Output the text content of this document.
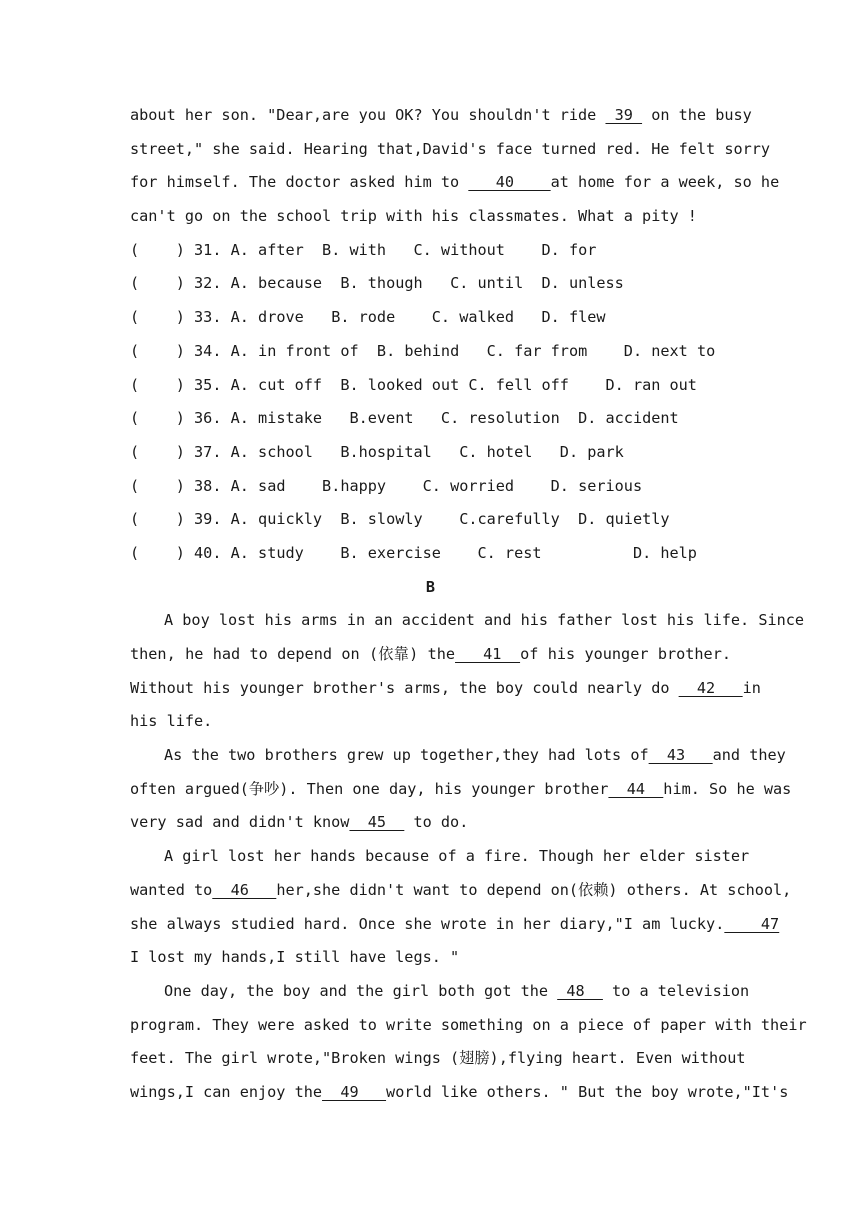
about her son. "Dear,are you OK? You shouldn't ride  39  on the busy
street," she said. Hearing that,David's face turned red. He felt sorry
for himself. The doctor asked him to    40    at home for a week, so he
can't go on the school trip with his classmates. What a pity !
(    ) 31. A. after  B. with   C. without    D. for
(    ) 32. A. because  B. though   C. until  D. unless
(    ) 33. A. drove   B. rode    C. walked   D. flew
(    ) 34. A. in front of  B. behind   C. far from    D. next to
(    ) 35. A. cut off  B. looked out C. fell off    D. ran out
(    ) 36. A. mistake   B.event   C. resolution  D. accident
(    ) 37. A. school   B.hospital   C. hotel   D. park
(    ) 38. A. sad    B.happy    C. worried    D. serious
(    ) 39. A. quickly  B. slowly    C.carefully  D. quietly
(    ) 40. A. study    B. exercise    C. rest          D. help
B
A boy lost his arms in an accident and his father lost his life. Since
then, he had to depend on (依靠) the   41  of his younger brother.
Without his younger brother's arms, the boy could nearly do   42   in
his life.
As the two brothers grew up together,they had lots of  43   and they
often argued(争吵). Then one day, his younger brother  44  him. So he was
very sad and didn't know  45   to do.
A girl lost her hands because of a fire. Though her elder sister
wanted to  46   her,she didn't want to depend on(依赖) others. At school,
she always studied hard. Once she wrote in her diary,"I am lucky.    47
I lost my hands,I still have legs. "
One day, the boy and the girl both got the  48   to a television
program. They were asked to write something on a piece of paper with their
feet. The girl wrote,"Broken wings (翅膀),flying heart. Even without
wings,I can enjoy the  49   world like others. " But the boy wrote,"It's
